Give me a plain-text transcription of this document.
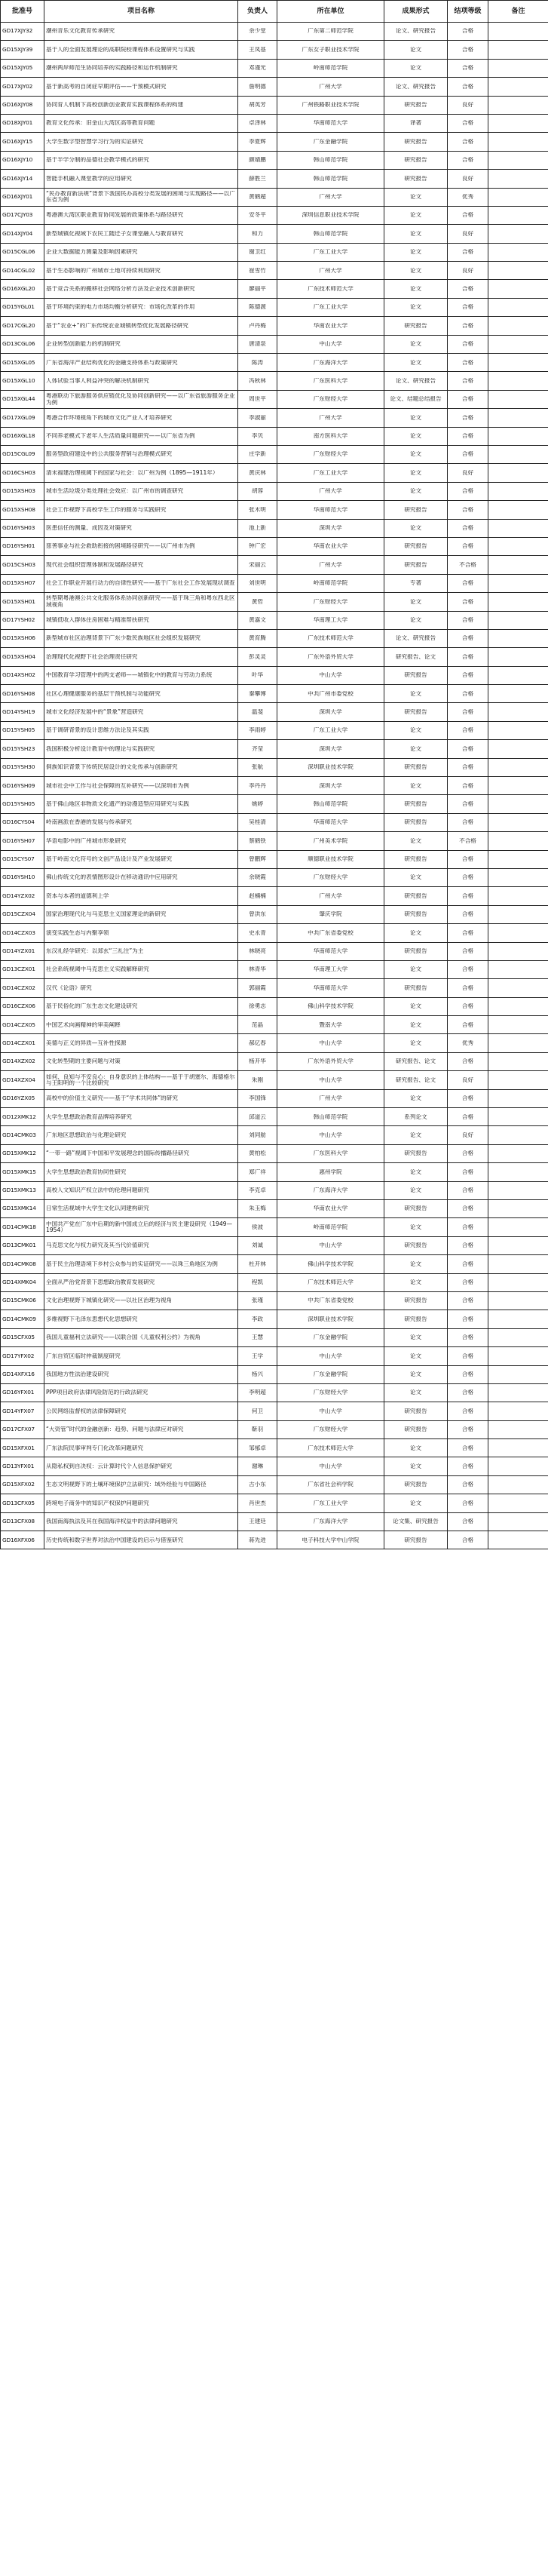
批准号	项目名称	负责人	所在单位	成果形式	结项等级	备注

GD17XJY32	潮州音乐文化教育传承研究	余少堂	广东第二师范学院	论文、研究报告	合格	

GD15XJY39	基于人的全面发展理论的高职院校课程体系设置研究与实践	王凤基	广东女子职业技术学院	论文	合格	

GD15XJY05	潮州两岸师范生协同培养的实践路径和运作机制研究	邓谨光	岭南师范学院	论文	合格	

GD17XJY02	基于新高考的自闭症早期评估——干预模式研究	詹明德	广州大学	论文、研究报告	合格	

GD16XJY08	协同育人机制下高校创新创业教育实践课程体系的构建	胡英芳	广州铁路职业技术学院	研究报告	良好	

GD18XJY01	教育文化传承：旧金山大湾区高等教育问题	卓泽林	华南师范大学	译著	合格	

GD16XJY15	大学生数字型智慧学习行为的实证研究	李夏辉	广东金融学院	研究报告	合格	

GD16XJY10	基于半学分制的品德社会教学模式的研究	颜婧鹏	韩山师范学院	研究报告	合格	

GD16XJY14	智能手机融入课堂教学的应用研究	薛胜兰	韩山师范学院	研究报告	良好	

GD16XJY01	“民办教育新法规”背景下我国民办高校分类发展的困境与实现路径——以广东省为例	黄鹤超	广州大学	论文	优秀	

GD17CJY03	粤港澳大湾区职业教育协同发展的政策体系与路径研究	安冬平	深圳信息职业技术学院	论文	合格	

GD14XJY04	新型城镇化视域下农民工随迁子女课堂融入与教育研究	和力	韩山师范学院	论文	良好	

GD15CGL06	企业大数据能力测量及影响因素研究	谢卫红	广东工业大学	论文	合格	

GD14CGL02	基于生态影响的广州城市土地可持续利用研究	崔雪竹	广州大学	论文	良好	

GD16XGL20	基于竞合关系的搬移社会网络分析方法及企业技术创新研究	廖丽平	广东技术师范大学	论文	合格	

GD15YGL01	基于环境约束的电力市场均衡分析研究：市场化改革的作用	陈德源	广东工业大学	论文	合格	

GD17CGL20	基于“农业+”的广东传统农业城镇转型优化发展路径研究	卢丹梅	华南农业大学	研究报告	合格	

GD13CGL06	企业转型创新能力的机制研究	唐清泉	中山大学	论文	合格	

GD15XGL05	广东省海洋产业结构优化的金融支持体系与政策研究	陈涛	广东海洋大学	论文	合格	

GD15XGL10	人体试验当事人利益冲突的解决机制研究	冯秋林	广东医科大学	论文、研究报告	合格	

GD15XGL44	粤港联动下旅游服务供应链优化及协同创新研究——以广东省旅游服务企业为例	周世平	广东财经大学	论文、结题总结报告	合格	

GD17XGL09	粤港合作环境视角下的城市文化产业人才培养研究	李淑丽	广州大学	论文	合格	

GD16XGL18	不同养老模式下老年人生活质量问题研究——以广东省为例	李贝	南方医科大学	论文	合格	

GD15CGL09	服务型政府建设中的公共服务营销与治理模式研究	庄学新	广东财经大学	论文	合格	

GD16CSH03	清末福建治理视阈下的国家与社会：以广州为例（1895—1911年）	黄庆林	广东工业大学	论文	良好	

GD15XSH03	城市生活垃圾分类处理社会效应：以广州市的调查研究	胡蓉	广州大学	论文	合格	

GD15XSH08	社会工作视野下高校学生工作的服务与实践研究	张木明	华南师范大学	研究报告	合格	

GD16YSH03	医患信任的测量、成因及对策研究	池上新	深圳大学	论文	合格	

GD16YSH01	慈善事业与社会救助衔接的困境路径研究——以广州市为例	钟广宏	华南农业大学	研究报告	合格	

GD15CSH03	现代社会组织管理体制和发展路径研究	宋丽云	广州大学	研究报告	不合格	

GD15XSH07	社会工作职业开展行动力的自律性研究——基于广东社会工作发展现状调查	刘世明	岭南师范学院	专著	合格	

GD15XSH01	转型期粤港澳公共文化服务体系协同创新研究——基于珠三角和粤东西北区域视角	黄哲	广东财经大学	论文	合格	

GD17YSH02	城镇低收入群体住房困难与精准帮扶研究	黄嘉文	华南理工大学	论文	合格	

GD15XSH06	新型城市社区治理背景下广东少数民族地区社会组织发展研究	黄育腾	广东技术师范大学	论文、研究报告	合格	

GD15XSH04	治理现代化视野下社会治理责任研究	彭灵灵	广东外语外贸大学	研究报告、论文	合格	

GD14XSH02	中国教育学习管理中的两支老师——城镇化中的教育与劳动力系统	叶华	中山大学	研究报告	合格	

GD16YSH08	社区心理健康服务的基层干预机制与功能研究	秦攀博	中共广州市委党校	论文	合格	

GD14YSH19	城市文化经济发展中的“景象”营造研究	温斐	深圳大学	研究报告	合格	

GD15YSH05	基于调研背景的设计思维方法论及其实践	李雨婷	广东工业大学	论文	合格	

GD15YSH23	我国积极分析设计教育中的理论与实践研究	齐莹	深圳大学	论文	合格	

GD15YSH30	侗族知识背景下传统民居设计的文化传承与创新研究	张航	深圳职业技术学院	研究报告	合格	

GD16YSH09	城市社会中工作与社会保障的互补研究——以深圳市为例	李丹丹	深圳大学	论文	合格	

GD15YSH05	基于佛山地区非物质文化遗产的动漫造型应用研究与实践	姚婷	韩山师范学院	研究报告	合格	

GD16CYS04	岭南画派在香港的发展与传承研究	吴桂清	华南师范大学	研究报告	合格	

GD16YSH07	华语电影中的广州城市形象研究	蔡鹤铁	广州美术学院	论文	不合格	

GD15CYS07	基于岭南文化符号的文创产品设计及产业发展研究	曾鹏辉	顺德职业技术学院	研究报告	合格	

GD16YSH10	佛山传统文化的表情图形设计在移动通讯中应用研究	余晓霞	广东财经大学	论文	合格	

GD14YZX02	资本与本者的道德利上学	赵楠楠	广州大学	研究报告	合格	

GD15CZX04	国家治理现代化与马克思主义国家理论的新研究	曾洪东	肇庆学院	研究报告	合格	

GD14CZX03	演变实践生态与内聚享领	史永青	中共广东省委党校	论文	合格	

GD14YZX01	东汉礼经学研究：以郑玄“三礼注”为主	林晓亮	华南师范大学	研究报告	合格	

GD13CZX01	社会系统视阈中马克思主义实践解释研究	林青华	华南理工大学	论文	合格	

GD14CZX02	汉代《论语》研究	郭丽霞	华南师范大学	研究报告	合格	

GD16CZX06	基于民俗化的广东生态文化建设研究	徐勇志	佛山科学技术学院	论文	合格	

GD14CZX05	中国艺术向画精神的审美阐释	范晶	暨南大学	论文	合格	

GD14CZX01	美德与正义的异质—互补性探源	郝亿春	中山大学	论文	优秀	

GD14XZX02	文化转型期的主要问题与对策	杨开华	广东外语外贸大学	研究报告、论文	合格	

GD14XZX04	如何、良知与不安良心：自身意识的上体结构——基于于胡塞尔、海德格尔与王阳明的一个比较研究	朱刚	中山大学	研究报告、论文	良好	

GD16YZX05	高校中的价值主义研究——基于“学术共同体”的研究	李国锋	广州大学	论文	合格	

GD12XMK12	大学生思想政治教育品牌培养研究	邱道云	韩山师范学院	系列论文	合格	

GD14CMK03	广东地区思想政治与化理论研究	刘同舫	中山大学	论文	良好	

GD15XMK12	“一带一路”视阈下中国和平发展理念的国际传播路径研究	黄柏松	广东医科大学	研究报告	合格	

GD15XMK15	大学生思想政治教育协同性研究	郑广祥	惠州学院	论文	合格	

GD15XMK13	高校人文知识产权立法中的伦理问题研究	李克卓	广东海洋大学	论文	合格	

GD15XMK14	日常生活视域中大学生文化认同建构研究	朱玉梅	华南农业大学	研究报告	合格	

GD14CMK18	中国共产党在广东中后期的新中国成立后的经济与民主建设研究（1949—1954）	侯波	岭南师范学院	论文	合格	

GD13CMK01	马克思文化与权力研究及其当代价值研究	刘诚	中山大学	研究报告	合格	

GD14CMK08	基于民主治理语境下乡村公众参与的实证研究——以珠三角地区为例	杜开林	佛山科学技术学院	论文	合格	

GD14XMK04	全面从严治党背景下思想政治教育发展研究	程凯	广东技术师范大学	论文	合格	

GD15CMK06	文化治理视野下城镇化研究——以社区治理为视角	张瑾	中共广东省委党校	研究报告	合格	

GD14CMK09	多维视野下毛泽东思想代化思想研究	李政	深圳职业技术学院	研究报告	合格	

GD15CFX05	我国儿童福利立法研究——以联合国《儿童权利公约》为视角	王慧	广东金融学院	论文	合格	

GD17YFX02	广东自贸区临时仲裁制度研究	王学	中山大学	论文	合格	

GD14XFX16	我国地方性法治建设研究	杨兴	广东金融学院	论文	合格	

GD16YFX01	PPP项目政府法律风险防范的行政法研究	李明超	广东财经大学	论文	合格	

GD14YFX07	公民网络监督权的法律保障研究	何卫	中山大学	研究报告	合格	

GD17CFX07	“大资管”时代的金融创新：趋势、问题与法律应对研究	靳羽	广东财经大学	研究报告	合格	

GD15XFX01	广东法院民事审判专门化改革问题研究	邹郁卓	广东技术师范大学	论文	合格	

GD13YFX01	从隐私权到自决权：云计算时代个人信息保护研究	谢琳	中山大学	论文	合格	

GD15XFX02	生态文明视野下的土壤环境保护立法研究：域外经验与中国路径	古小东	广东省社会科学院	研究报告	合格	

GD13CFX05	跨境电子商务中的知识产权保护问题研究	肖世杰	广东工业大学	论文	合格	

GD13CFX08	我国南海执法及其在我国海洋权益中的法律问题研究	王建廷	广东海洋大学	论文集、研究报告	合格	

GD16XFX06	历史传统和数字世界对法治中国建设的启示与借鉴研究	蒋先进	电子科技大学中山学院	研究报告	合格	
